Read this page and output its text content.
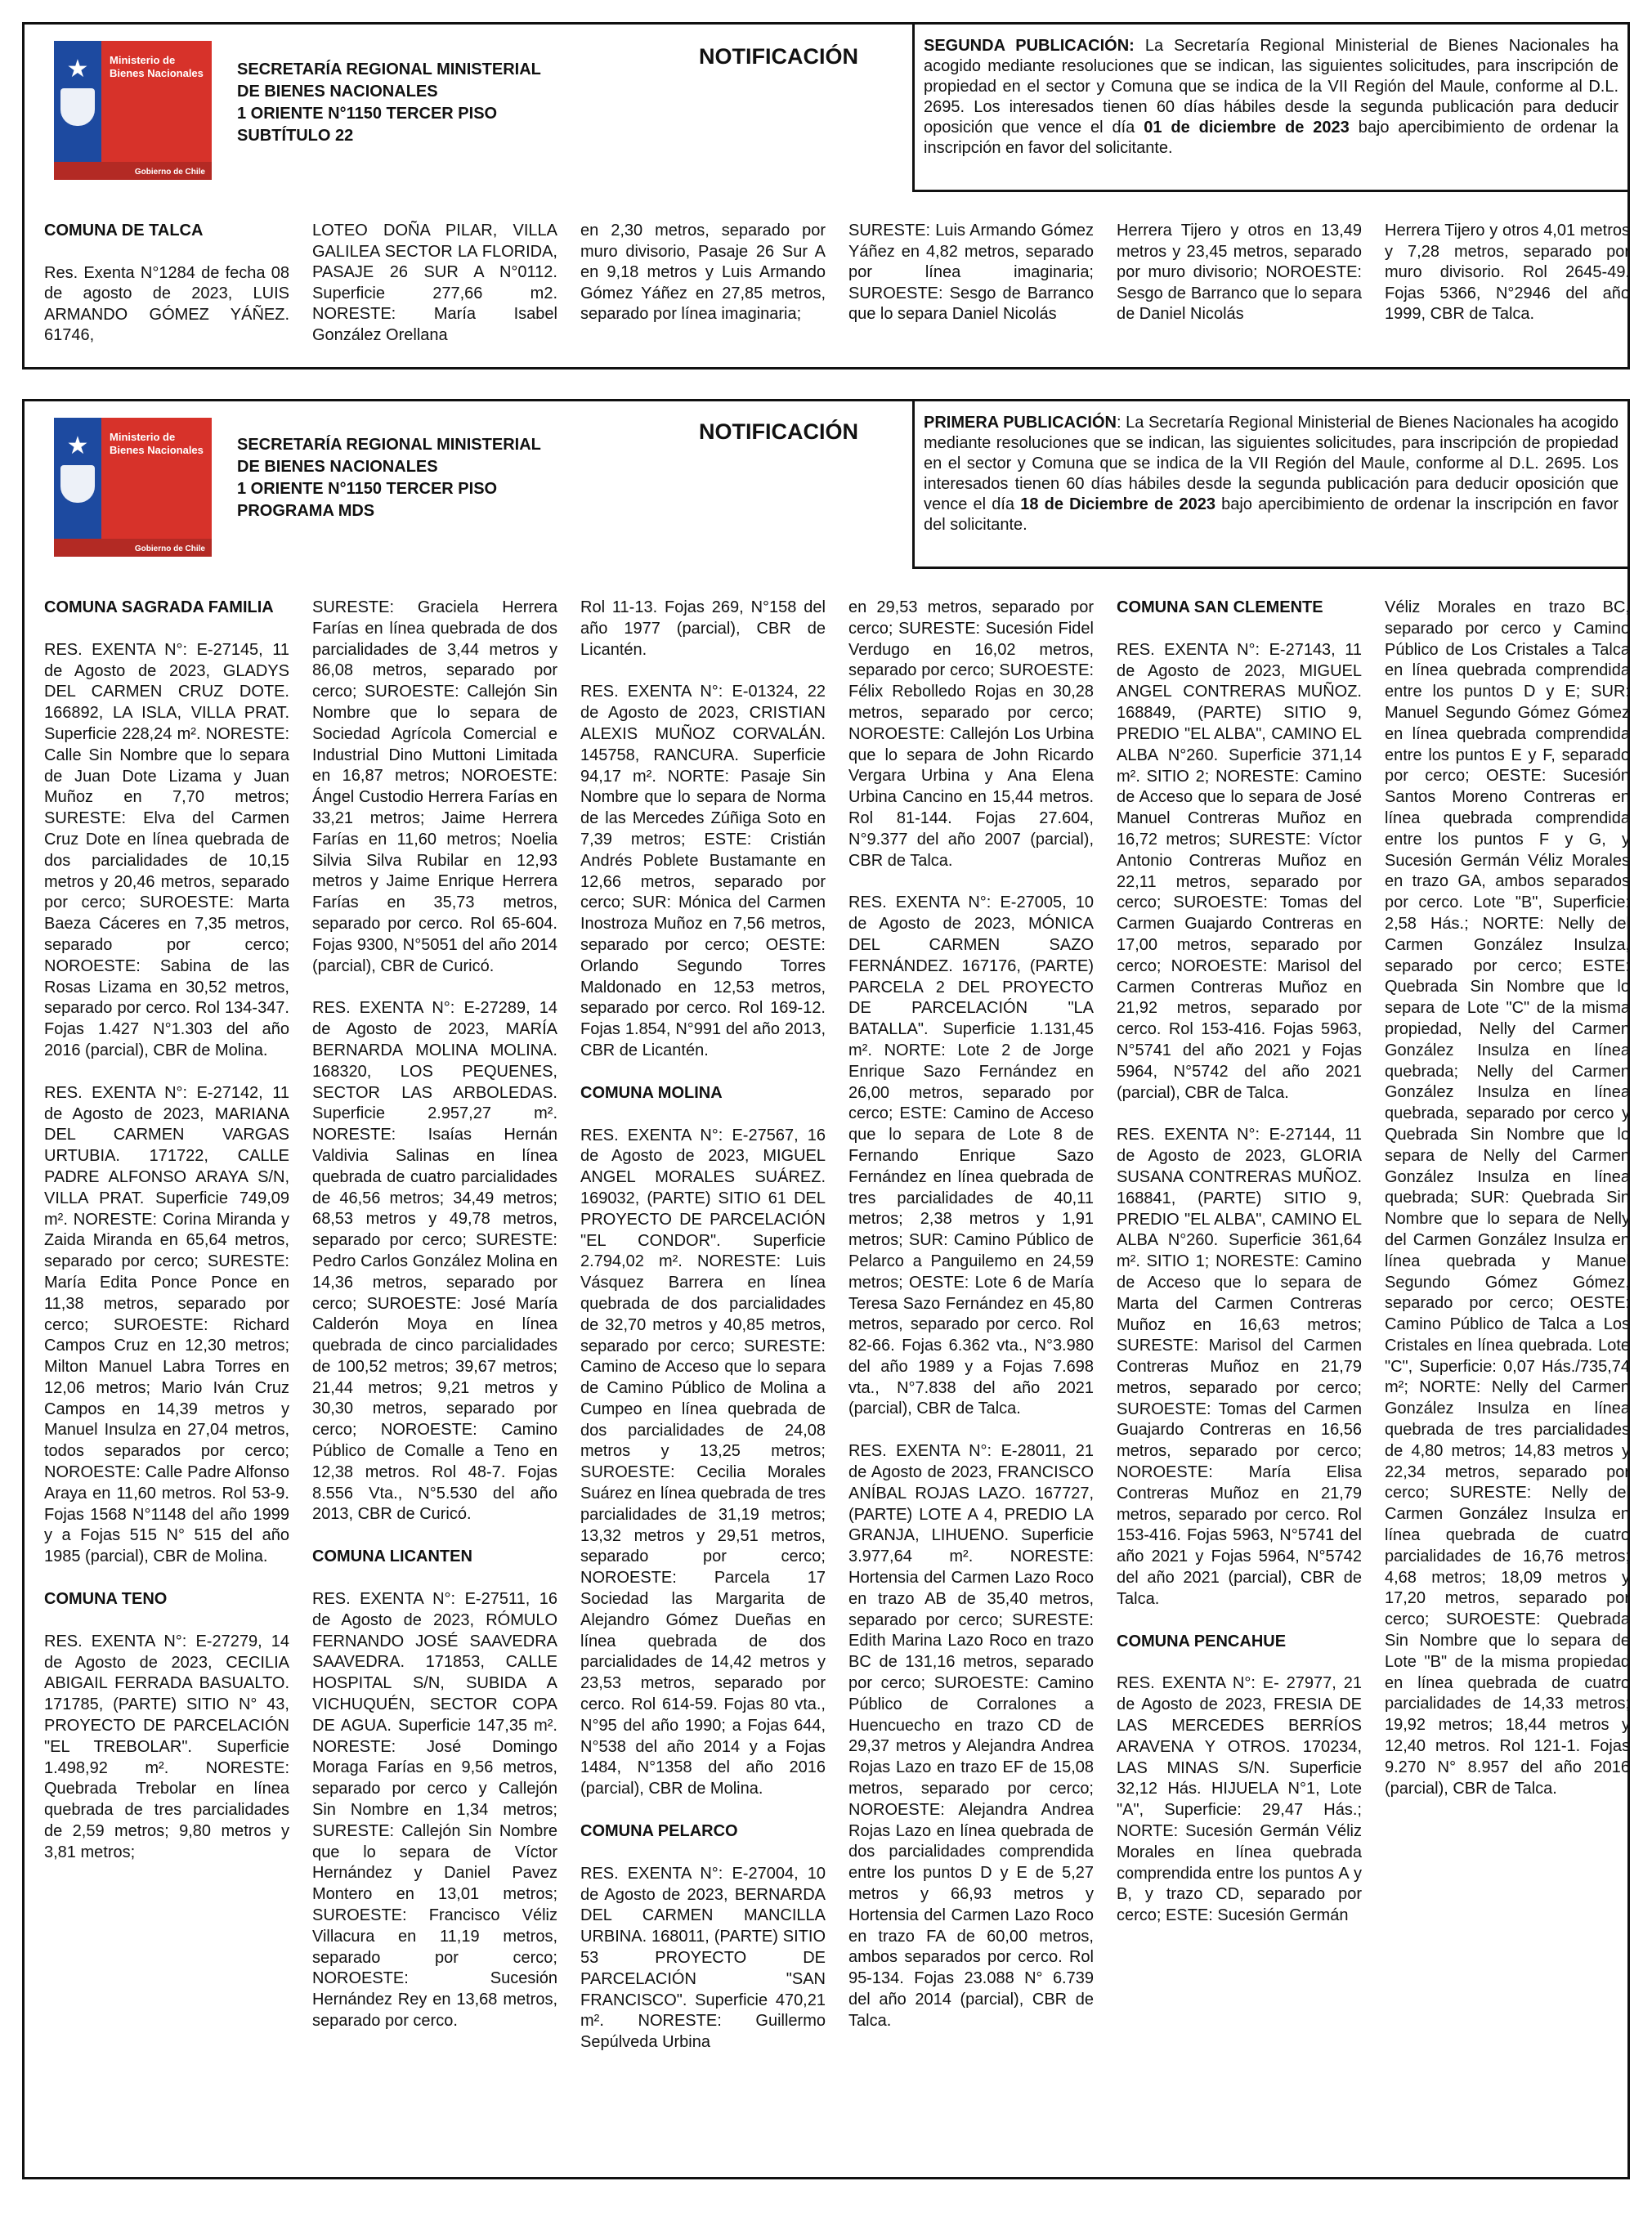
★ Ministerio de Bienes Nacionales
Gobierno de Chile
SECRETARÍA REGIONAL MINISTERIAL
DE BIENES NACIONALES
1 ORIENTE N°1150 TERCER PISO
SUBTÍTULO 22
NOTIFICACIÓN	SEGUNDA PUBLICACIÓN: La Secretaría Regional Ministerial de Bienes Nacionales ha acogido mediante resoluciones que se indican, las siguientes solicitudes, para inscripción de propiedad en el sector y Comuna que se indica de la VII Región del Maule, conforme al D.L. 2695. Los interesados tienen 60 días hábiles desde la segunda publicación para deducir oposición que vence el día 01 de diciembre de 2023 bajo apercibimiento de ordenar la inscripción en favor del solicitante.
COMUNA DE TALCA

Res. Exenta N°1284 de fecha 08 de agosto de 2023, LUIS ARMANDO GÓMEZ YÁÑEZ. 61746,

LOTEO DOÑA PILAR, VILLA GALILEA SECTOR LA FLORIDA, PASAJE 26 SUR A N°0112. Superficie 277,66 m2. NORESTE: María Isabel González Orellana

en 2,30 metros, separado por muro divisorio, Pasaje 26 Sur A en 9,18 metros y Luis Armando Gómez Yáñez en 27,85 metros, separado por línea imaginaria;

SURESTE: Luis Armando Gómez Yáñez en 4,82 metros, separado por línea imaginaria; SUROESTE: Sesgo de Barranco que lo separa Daniel Nicolás

Herrera Tijero y otros en 13,49 metros y 23,45 metros, separado por muro divisorio; NOROESTE: Sesgo de Barranco que lo separa de Daniel Nicolás

Herrera Tijero y otros 4,01 metros y 7,28 metros, separado por muro divisorio. Rol 2645-49. Fojas 5366, N°2946 del año 1999, CBR de Talca.

★ Ministerio de Bienes Nacionales
Gobierno de Chile
SECRETARÍA REGIONAL MINISTERIAL
DE BIENES NACIONALES
1 ORIENTE N°1150 TERCER PISO
PROGRAMA MDS
NOTIFICACIÓN	PRIMERA PUBLICACIÓN: La Secretaría Regional Ministerial de Bienes Nacionales ha acogido mediante resoluciones que se indican, las siguientes solicitudes, para inscripción de propiedad en el sector y Comuna que se indica de la VII Región del Maule, conforme al D.L. 2695. Los interesados tienen 60 días hábiles desde la segunda publicación para deducir oposición que vence el día 18 de Diciembre de 2023 bajo apercibimiento de ordenar la inscripción en favor del solicitante.
COMUNA SAGRADA FAMILIA

RES. EXENTA N°: E-27145, 11 de Agosto de 2023, GLADYS DEL CARMEN CRUZ DOTE. 166892, LA ISLA, VILLA PRAT. Superficie 228,24 m². NORESTE: Calle Sin Nombre que lo separa de Juan Dote Lizama y Juan Muñoz en 7,70 metros; SURESTE: Elva del Carmen Cruz Dote en línea quebrada de dos parcialidades de 10,15 metros y 20,46 metros, separado por cerco; SUROESTE: Marta Baeza Cáceres en 7,35 metros, separado por cerco; NOROESTE: Sabina de las Rosas Lizama en 30,52 metros, separado por cerco. Rol 134-347. Fojas 1.427 N°1.303 del año 2016 (parcial), CBR de Molina.

RES. EXENTA N°: E-27142, 11 de Agosto de 2023, MARIANA DEL CARMEN VARGAS URTUBIA. 171722, CALLE PADRE ALFONSO ARAYA S/N, VILLA PRAT. Superficie 749,09 m². NORESTE: Corina Miranda y Zaida Miranda en 65,64 metros, separado por cerco; SURESTE: María Edita Ponce Ponce en 11,38 metros, separado por cerco; SUROESTE: Richard Campos Cruz en 12,30 metros; Milton Manuel Labra Torres en 12,06 metros; Mario Iván Cruz Campos en 14,39 metros y Manuel Insulza en 27,04 metros, todos separados por cerco; NOROESTE: Calle Padre Alfonso Araya en 11,60 metros. Rol 53-9. Fojas 1568 N°1148 del año 1999 y a Fojas 515 N° 515 del año 1985 (parcial), CBR de Molina.

COMUNA TENO

RES. EXENTA N°: E-27279, 14 de Agosto de 2023, CECILIA ABIGAIL FERRADA BASUALTO. 171785, (PARTE) SITIO N° 43, PROYECTO DE PARCELACIÓN "EL TREBOLAR". Superficie 1.498,92 m². NORESTE: Quebrada Trebolar en línea quebrada de tres parcialidades de 2,59 metros; 9,80 metros y 3,81 metros;

SURESTE: Graciela Herrera Farías en línea quebrada de dos parcialidades de 3,44 metros y 86,08 metros, separado por cerco; SUROESTE: Callejón Sin Nombre que lo separa de Sociedad Agrícola Comercial e Industrial Dino Muttoni Limitada en 16,87 metros; NOROESTE: Ángel Custodio Herrera Farías en 33,21 metros; Jaime Herrera Farías en 11,60 metros; Noelia Silvia Silva Rubilar en 12,93 metros y Jaime Enrique Herrera Farías en 35,73 metros, separado por cerco. Rol 65-604. Fojas 9300, N°5051 del año 2014 (parcial), CBR de Curicó.

RES. EXENTA N°: E-27289, 14 de Agosto de 2023, MARÍA BERNARDA MOLINA MOLINA. 168320, LOS PEQUENES, SECTOR LAS ARBOLEDAS. Superficie 2.957,27 m². NORESTE: Isaías Hernán Valdivia Salinas en línea quebrada de cuatro parcialidades de 46,56 metros; 34,49 metros; 68,53 metros y 49,78 metros, separado por cerco; SURESTE: Pedro Carlos González Molina en 14,36 metros, separado por cerco; SUROESTE: José María Calderón Moya en línea quebrada de cinco parcialidades de 100,52 metros; 39,67 metros; 21,44 metros; 9,21 metros y 30,30 metros, separado por cerco; NOROESTE: Camino Público de Comalle a Teno en 12,38 metros. Rol 48-7. Fojas 8.556 Vta., N°5.530 del año 2013, CBR de Curicó.

COMUNA LICANTEN

RES. EXENTA N°: E-27511, 16 de Agosto de 2023, RÓMULO FERNANDO JOSÉ SAAVEDRA SAAVEDRA. 171853, CALLE HOSPITAL S/N, SUBIDA A VICHUQUÉN, SECTOR COPA DE AGUA. Superficie 147,35 m². NORESTE: José Domingo Moraga Farías en 9,56 metros, separado por cerco y Callejón Sin Nombre en 1,34 metros; SURESTE: Callejón Sin Nombre que lo separa de Víctor Hernández y Daniel Pavez Montero en 13,01 metros; SUROESTE: Francisco Véliz Villacura en 11,19 metros, separado por cerco; NOROESTE: Sucesión Hernández Rey en 13,68 metros, separado por cerco.

Rol 11-13. Fojas 269, N°158 del año 1977 (parcial), CBR de Licantén.

RES. EXENTA N°: E-01324, 22 de Agosto de 2023, CRISTIAN ALEXIS MUÑOZ CORVALÁN. 145758, RANCURA. Superficie 94,17 m². NORTE: Pasaje Sin Nombre que lo separa de Norma de las Mercedes Zúñiga Soto en 7,39 metros; ESTE: Cristián Andrés Poblete Bustamante en 12,66 metros, separado por cerco; SUR: Mónica del Carmen Inostroza Muñoz en 7,56 metros, separado por cerco; OESTE: Orlando Segundo Torres Maldonado en 12,53 metros, separado por cerco. Rol 169-12. Fojas 1.854, N°991 del año 2013, CBR de Licantén.

COMUNA MOLINA

RES. EXENTA N°: E-27567, 16 de Agosto de 2023, MIGUEL ANGEL MORALES SUÁREZ. 169032, (PARTE) SITIO 61 DEL PROYECTO DE PARCELACIÓN "EL CONDOR". Superficie 2.794,02 m². NORESTE: Luis Vásquez Barrera en línea quebrada de dos parcialidades de 32,70 metros y 40,85 metros, separado por cerco; SURESTE: Camino de Acceso que lo separa de Camino Público de Molina a Cumpeo en línea quebrada de dos parcialidades de 24,08 metros y 13,25 metros; SUROESTE: Cecilia Morales Suárez en línea quebrada de tres parcialidades de 31,19 metros; 13,32 metros y 29,51 metros, separado por cerco; NOROESTE: Parcela 17 Sociedad las Margarita de Alejandro Gómez Dueñas en línea quebrada de dos parcialidades de 14,42 metros y 23,53 metros, separado por cerco. Rol 614-59. Fojas 80 vta., N°95 del año 1990; a Fojas 644, N°538 del año 2014 y a Fojas 1484, N°1358 del año 2016 (parcial), CBR de Molina.

COMUNA PELARCO

RES. EXENTA N°: E-27004, 10 de Agosto de 2023, BERNARDA DEL CARMEN MANCILLA URBINA. 168011, (PARTE) SITIO 53 PROYECTO DE PARCELACIÓN "SAN FRANCISCO". Superficie 470,21 m². NORESTE: Guillermo Sepúlveda Urbina

en 29,53 metros, separado por cerco; SURESTE: Sucesión Fidel Verdugo en 16,02 metros, separado por cerco; SUROESTE: Félix Rebolledo Rojas en 30,28 metros, separado por cerco; NOROESTE: Callejón Los Urbina que lo separa de John Ricardo Vergara Urbina y Ana Elena Urbina Cancino en 15,44 metros. Rol 81-144. Fojas 27.604, N°9.377 del año 2007 (parcial), CBR de Talca.

RES. EXENTA N°: E-27005, 10 de Agosto de 2023, MÓNICA DEL CARMEN SAZO FERNÁNDEZ. 167176, (PARTE) PARCELA 2 DEL PROYECTO DE PARCELACIÓN "LA BATALLA". Superficie 1.131,45 m². NORTE: Lote 2 de Jorge Enrique Sazo Fernández en 26,00 metros, separado por cerco; ESTE: Camino de Acceso que lo separa de Lote 8 de Fernando Enrique Sazo Fernández en línea quebrada de tres parcialidades de 40,11 metros; 2,38 metros y 1,91 metros; SUR: Camino Público de Pelarco a Panguilemo en 24,59 metros; OESTE: Lote 6 de María Teresa Sazo Fernández en 45,80 metros, separado por cerco. Rol 82-66. Fojas 6.362 vta., N°3.980 del año 1989 y a Fojas 7.698 vta., N°7.838 del año 2021 (parcial), CBR de Talca.

RES. EXENTA N°: E-28011, 21 de Agosto de 2023, FRANCISCO ANÍBAL ROJAS LAZO. 167727, (PARTE) LOTE A 4, PREDIO LA GRANJA, LIHUENO. Superficie 3.977,64 m². NORESTE: Hortensia del Carmen Lazo Roco en trazo AB de 35,40 metros, separado por cerco; SURESTE: Edith Marina Lazo Roco en trazo BC de 131,16 metros, separado por cerco; SUROESTE: Camino Público de Corralones a Huencuecho en trazo CD de 29,37 metros y Alejandra Andrea Rojas Lazo en trazo EF de 15,08 metros, separado por cerco; NOROESTE: Alejandra Andrea Rojas Lazo en línea quebrada de dos parcialidades comprendida entre los puntos D y E de 5,27 metros y 66,93 metros y Hortensia del Carmen Lazo Roco en trazo FA de 60,00 metros, ambos separados por cerco. Rol 95-134. Fojas 23.088 N° 6.739 del año 2014 (parcial), CBR de Talca.

COMUNA SAN CLEMENTE

RES. EXENTA N°: E-27143, 11 de Agosto de 2023, MIGUEL ANGEL CONTRERAS MUÑOZ. 168849, (PARTE) SITIO 9, PREDIO "EL ALBA", CAMINO EL ALBA N°260. Superficie 371,14 m². SITIO 2; NORESTE: Camino de Acceso que lo separa de José Manuel Contreras Muñoz en 16,72 metros; SURESTE: Víctor Antonio Contreras Muñoz en 22,11 metros, separado por cerco; SUROESTE: Tomas del Carmen Guajardo Contreras en 17,00 metros, separado por cerco; NOROESTE: Marisol del Carmen Contreras Muñoz en 21,92 metros, separado por cerco. Rol 153-416. Fojas 5963, N°5741 del año 2021 y Fojas 5964, N°5742 del año 2021 (parcial), CBR de Talca.

RES. EXENTA N°: E-27144, 11 de Agosto de 2023, GLORIA SUSANA CONTRERAS MUÑOZ. 168841, (PARTE) SITIO 9, PREDIO "EL ALBA", CAMINO EL ALBA N°260. Superficie 361,64 m². SITIO 1; NORESTE: Camino de Acceso que lo separa de Marta del Carmen Contreras Muñoz en 16,63 metros; SURESTE: Marisol del Carmen Contreras Muñoz en 21,79 metros, separado por cerco; SUROESTE: Tomas del Carmen Guajardo Contreras en 16,56 metros, separado por cerco; NOROESTE: María Elisa Contreras Muñoz en 21,79 metros, separado por cerco. Rol 153-416. Fojas 5963, N°5741 del año 2021 y Fojas 5964, N°5742 del año 2021 (parcial), CBR de Talca.

COMUNA PENCAHUE

RES. EXENTA N°: E- 27977, 21 de Agosto de 2023, FRESIA DE LAS MERCEDES BERRÍOS ARAVENA Y OTROS. 170234, LAS MINAS S/N. Superficie 32,12 Hás. HIJUELA N°1, Lote "A", Superficie: 29,47 Hás.; NORTE: Sucesión Germán Véliz Morales en línea quebrada comprendida entre los puntos A y B, y trazo CD, separado por cerco; ESTE: Sucesión Germán

Véliz Morales en trazo BC, separado por cerco y Camino Público de Los Cristales a Talca en línea quebrada comprendida entre los puntos D y E; SUR: Manuel Segundo Gómez Gómez en línea quebrada comprendida entre los puntos E y F, separado por cerco; OESTE: Sucesión Santos Moreno Contreras en línea quebrada comprendida entre los puntos F y G, y Sucesión Germán Véliz Morales en trazo GA, ambos separados por cerco. Lote "B", Superficie: 2,58 Hás.; NORTE: Nelly del Carmen González Insulza, separado por cerco; ESTE: Quebrada Sin Nombre que lo separa de Lote "C" de la misma propiedad, Nelly del Carmen González Insulza en línea quebrada; Nelly del Carmen González Insulza en línea quebrada, separado por cerco y Quebrada Sin Nombre que lo separa de Nelly del Carmen González Insulza en línea quebrada; SUR: Quebrada Sin Nombre que lo separa de Nelly del Carmen González Insulza en línea quebrada y Manuel Segundo Gómez Gómez, separado por cerco; OESTE: Camino Público de Talca a Los Cristales en línea quebrada. Lote "C", Superficie: 0,07 Hás./735,74 m²; NORTE: Nelly del Carmen González Insulza en línea quebrada de tres parcialidades de 4,80 metros; 14,83 metros y 22,34 metros, separado por cerco; SURESTE: Nelly del Carmen González Insulza en línea quebrada de cuatro parcialidades de 16,76 metros; 4,68 metros; 18,09 metros y 17,20 metros, separado por cerco; SUROESTE: Quebrada Sin Nombre que lo separa de Lote "B" de la misma propiedad en línea quebrada de cuatro parcialidades de 14,33 metros; 19,92 metros; 18,44 metros y 12,40 metros. Rol 121-1. Fojas 9.270 N° 8.957 del año 2016 (parcial), CBR de Talca.
